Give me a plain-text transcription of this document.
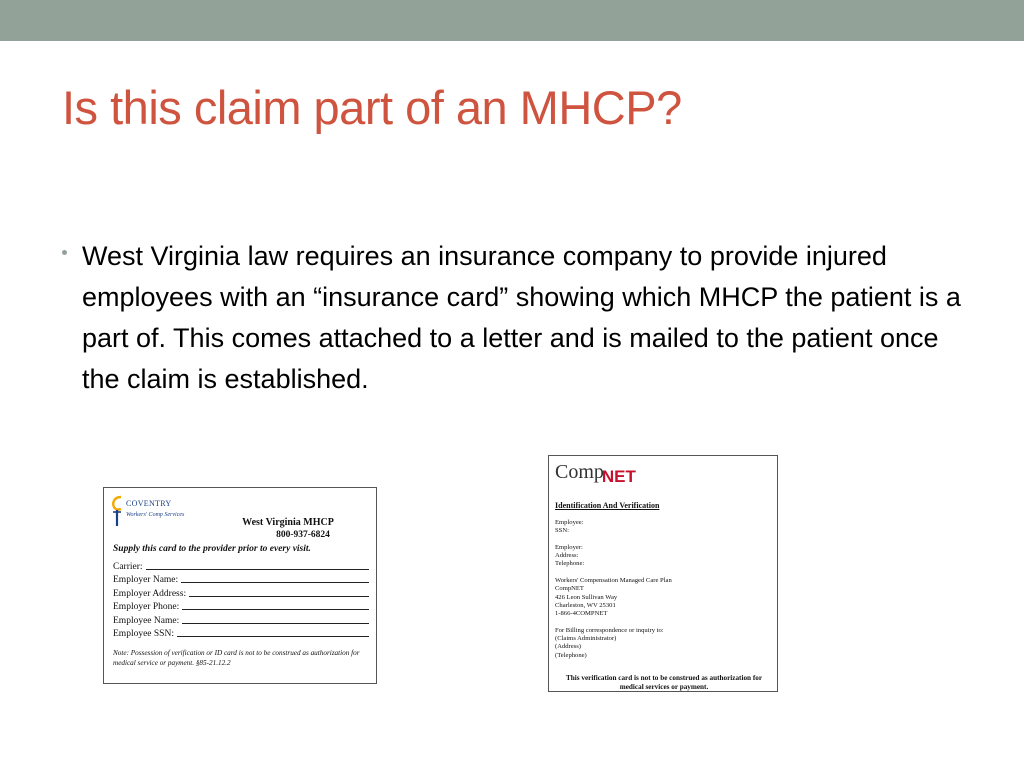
Is this claim part of an MHCP?
West Virginia law requires an insurance company to provide injured employees with an “insurance card” showing which MHCP the patient is a part of. This comes attached to a letter and is mailed to the patient once the claim is established.
COVENTRY
Workers' Comp Services
West Virginia MHCP
800-937-6824
Supply this card to the provider prior to every visit.
Carrier:
Employer Name:
Employer Address:
Employer Phone:
Employee Name:
Employee SSN:
Note: Possession of verification or ID card is not to be construed as authorization for medical service or payment. §85-21.12.2
CompNET
Identification And Verification
Employee:
SSN:
Employer:
Address:
Telephone:
Workers' Compensation Managed Care Plan
CompNET
426 Leon Sullivan Way
Charleston, WV 25301
1-866-4COMPNET
For Billing correspondence or inquiry to:
(Claims Administrator)
(Address)
(Telephone)
This verification card is not to be construed as authorization for medical services or payment.
